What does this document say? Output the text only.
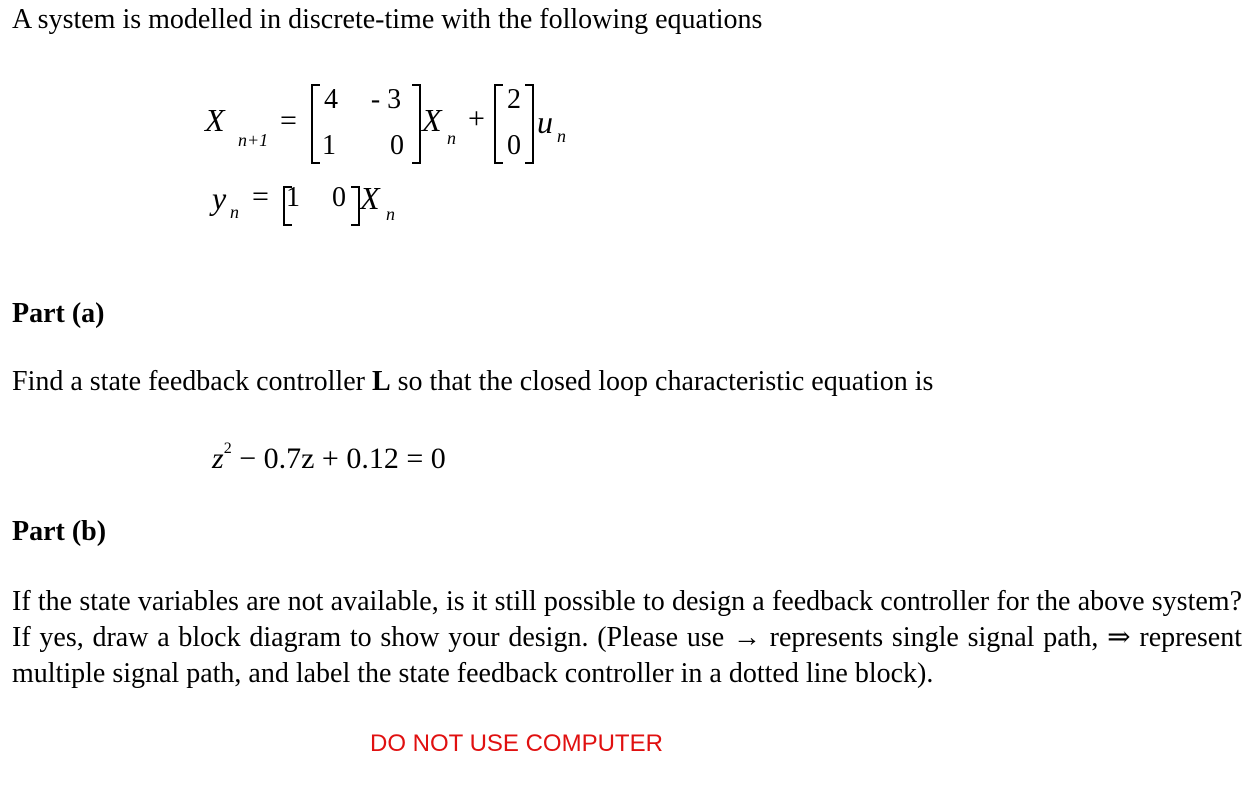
A system is modelled in discrete-time with the following equations
X
n+1
=
4	- 3
1	0
X n
+
2
0
u n
y n = 1	0 X n
Part (a)
Find a state feedback controller L so that the closed loop characteristic equation is
$z^2 - 0.7z + 0.12 = 0$
Part (b)
If the state variables are not available, is it still possible to design a feedback controller for the above system? If yes, draw a block diagram to show your design. (Please use → represents single signal path, ⇒ represent multiple signal path, and label the state feedback controller in a dotted line block).
DO NOT USE COMPUTER
